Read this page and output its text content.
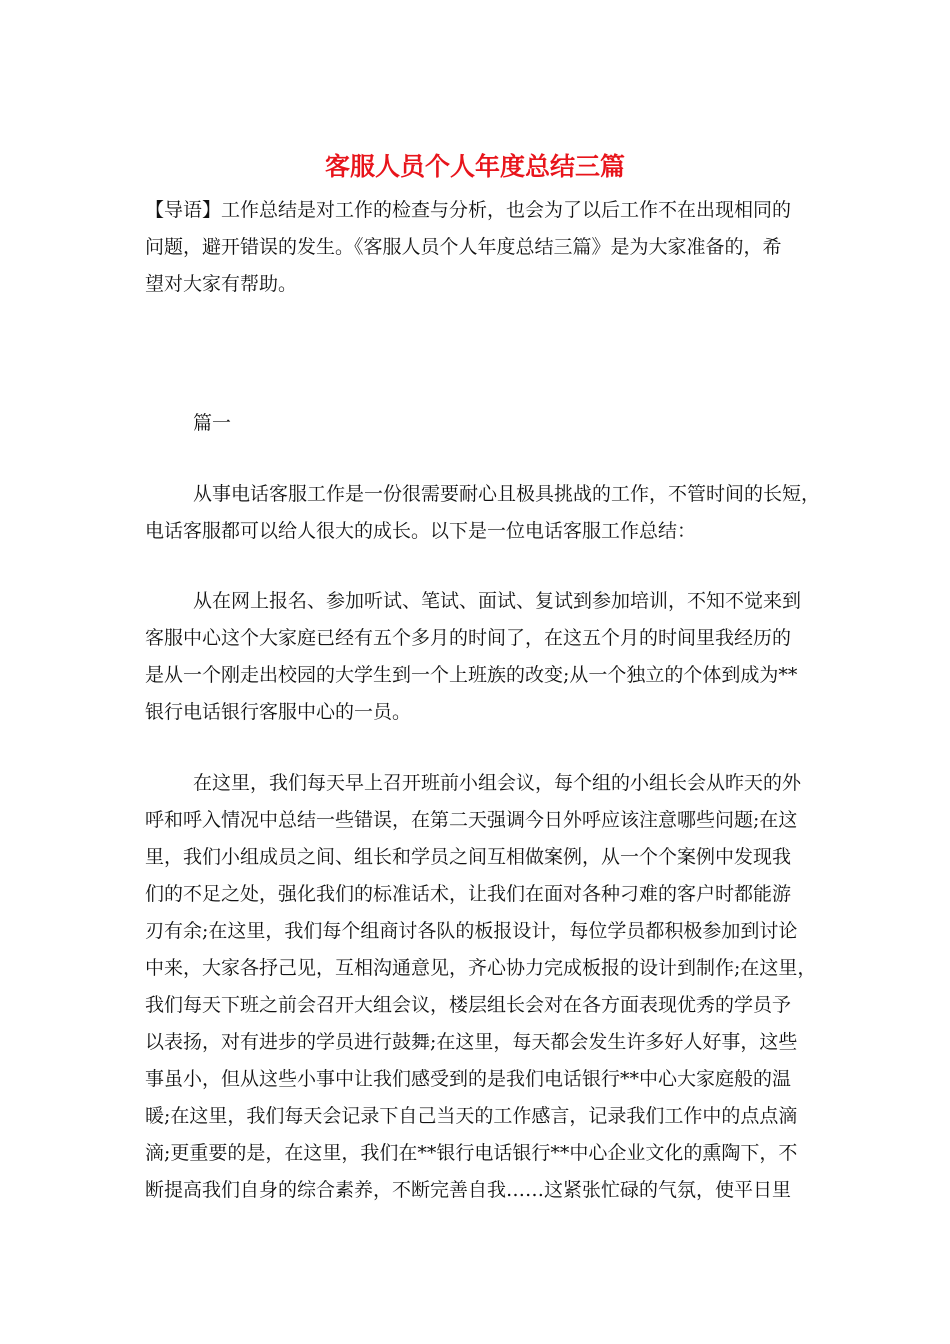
客服人员个人年度总结三篇

【导语】工作总结是对工作的检查与分析，也会为了以后工作不在出现相同的

问题，避开错误的发生。《客服人员个人年度总结三篇》是为大家准备的，希

望对大家有帮助。

篇一

从事电话客服工作是一份很需要耐心且极具挑战的工作，不管时间的长短，

电话客服都可以给人很大的成长。以下是一位电话客服工作总结：

从在网上报名、参加听试、笔试、面试、复试到参加培训，不知不觉来到

客服中心这个大家庭已经有五个多月的时间了，在这五个月的时间里我经历的

是从一个刚走出校园的大学生到一个上班族的改变;从一个独立的个体到成为**

银行电话银行客服中心的一员。

在这里，我们每天早上召开班前小组会议，每个组的小组长会从昨天的外

呼和呼入情况中总结一些错误，在第二天强调今日外呼应该注意哪些问题;在这

里，我们小组成员之间、组长和学员之间互相做案例，从一个个案例中发现我

们的不足之处，强化我们的标准话术，让我们在面对各种刁难的客户时都能游

刃有余;在这里，我们每个组商讨各队的板报设计，每位学员都积极参加到讨论

中来，大家各抒己见，互相沟通意见，齐心协力完成板报的设计到制作;在这里，

我们每天下班之前会召开大组会议，楼层组长会对在各方面表现优秀的学员予

以表扬，对有进步的学员进行鼓舞;在这里，每天都会发生许多好人好事，这些

事虽小，但从这些小事中让我们感受到的是我们电话银行**中心大家庭般的温

暖;在这里，我们每天会记录下自己当天的工作感言，记录我们工作中的点点滴

滴;更重要的是，在这里，我们在**银行电话银行**中心企业文化的熏陶下，不

断提高我们自身的综合素养，不断完善自我……这紧张忙碌的气氛，使平日里
